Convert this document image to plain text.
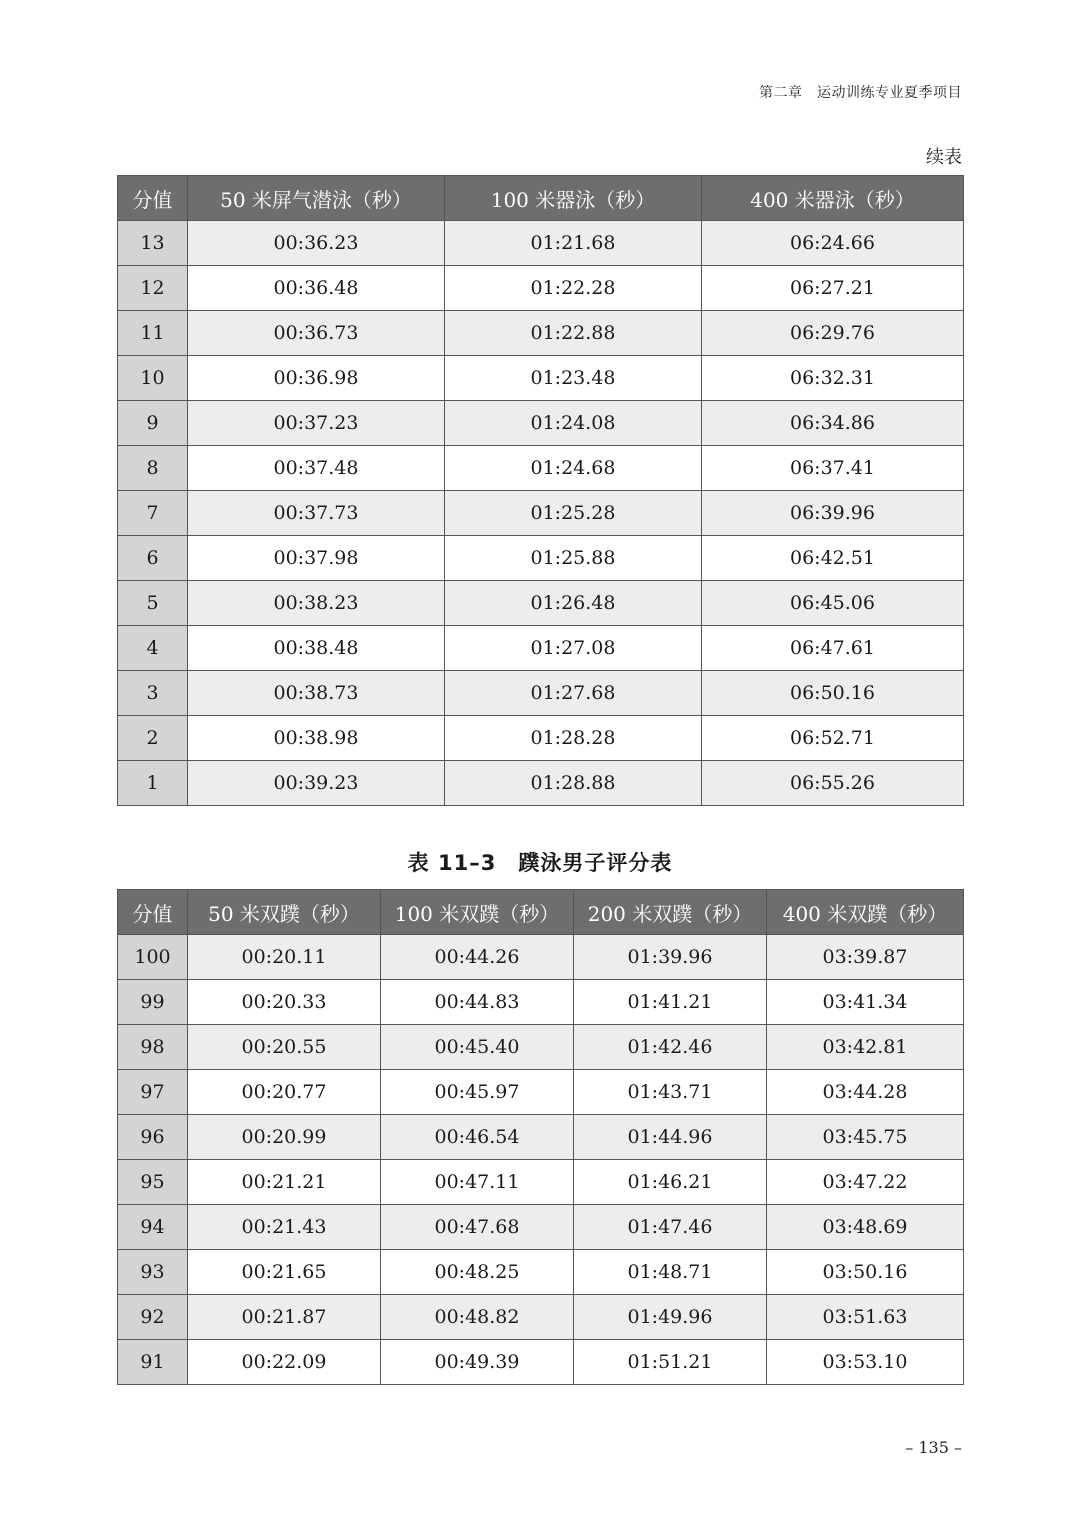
第二章　运动训练专业夏季项目
续表
分值	50 米屏气潜泳（秒）	100 米器泳（秒）	400 米器泳（秒）
13	00:36.23	01:21.68	06:24.66
12	00:36.48	01:22.28	06:27.21
11	00:36.73	01:22.88	06:29.76
10	00:36.98	01:23.48	06:32.31
9	00:37.23	01:24.08	06:34.86
8	00:37.48	01:24.68	06:37.41
7	00:37.73	01:25.28	06:39.96
6	00:37.98	01:25.88	06:42.51
5	00:38.23	01:26.48	06:45.06
4	00:38.48	01:27.08	06:47.61
3	00:38.73	01:27.68	06:50.16
2	00:38.98	01:28.28	06:52.71
1	00:39.23	01:28.88	06:55.26
表 11–3　蹼泳男子评分表
分值	50 米双蹼（秒）	100 米双蹼（秒）	200 米双蹼（秒）	400 米双蹼（秒）
100	00:20.11	00:44.26	01:39.96	03:39.87
99	00:20.33	00:44.83	01:41.21	03:41.34
98	00:20.55	00:45.40	01:42.46	03:42.81
97	00:20.77	00:45.97	01:43.71	03:44.28
96	00:20.99	00:46.54	01:44.96	03:45.75
95	00:21.21	00:47.11	01:46.21	03:47.22
94	00:21.43	00:47.68	01:47.46	03:48.69
93	00:21.65	00:48.25	01:48.71	03:50.16
92	00:21.87	00:48.82	01:49.96	03:51.63
91	00:22.09	00:49.39	01:51.21	03:53.10
– 135 –
